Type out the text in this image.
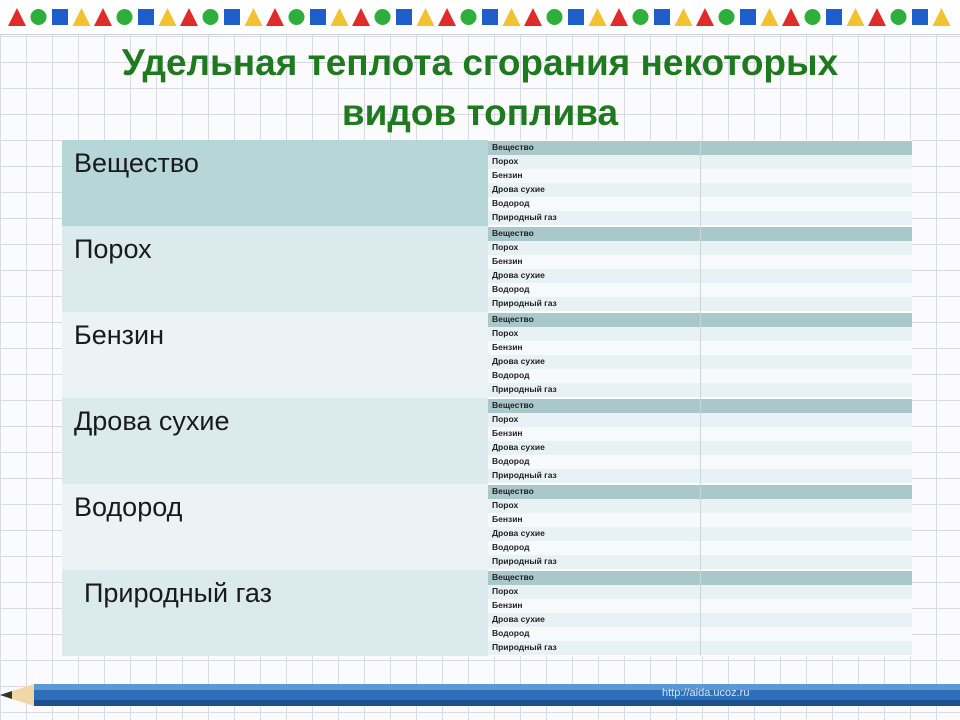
Удельная теплота сгорания некоторых
видов топлива
Вещество
Порох
Бензин
Дрова сухие
Водород
Природный газ
Вещество
Порох
Бензин
Дрова сухие
Водород
Природный газ
Вещество
Порох
Бензин
Дрова сухие
Водород
Природный газ
Вещество
Порох
Бензин
Дрова сухие
Водород
Природный газ
Вещество
Порох
Бензин
Дрова сухие
Водород
Природный газ
Вещество
Порох
Бензин
Дрова сухие
Водород
Природный газ
Вещество
Порох
Бензин
Дрова сухие
Водород
Природный газ
http://aida.ucoz.ru
